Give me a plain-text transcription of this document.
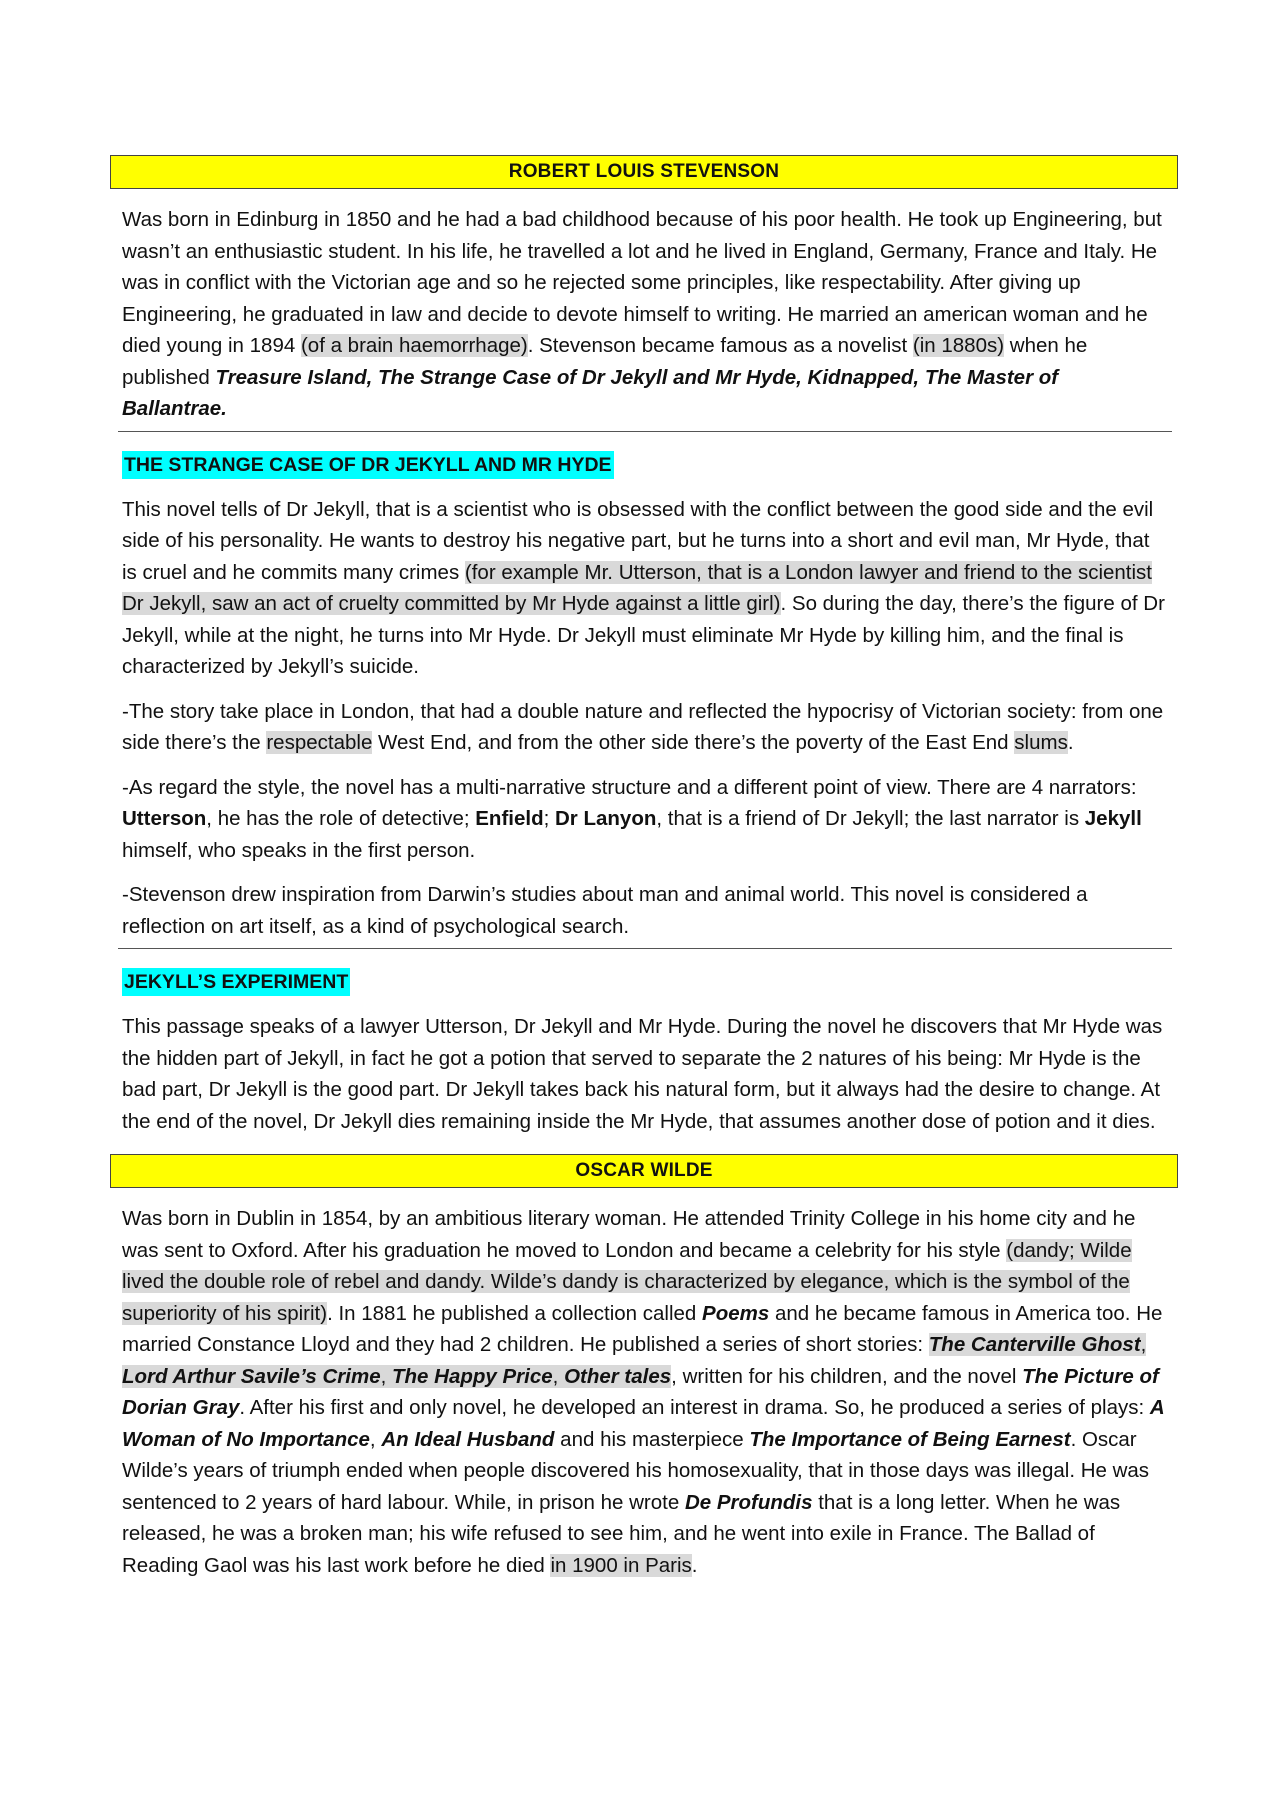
ROBERT LOUIS STEVENSON

Was born in Edinburg in 1850 and he had a bad childhood because of his poor health. He took up Engineering, but wasn’t an enthusiastic student. In his life, he travelled a lot and he lived in England, Germany, France and Italy. He was in conflict with the Victorian age and so he rejected some principles, like respectability. After giving up Engineering, he graduated in law and decide to devote himself to writing. He married an american woman and he died young in 1894 (of a brain haemorrhage). Stevenson became famous as a novelist (in 1880s) when he published Treasure Island, The Strange Case of Dr Jekyll and Mr Hyde, Kidnapped, The Master of Ballantrae.

THE STRANGE CASE OF DR JEKYLL AND MR HYDE

This novel tells of Dr Jekyll, that is a scientist who is obsessed with the conflict between the good side and the evil side of his personality. He wants to destroy his negative part, but he turns into a short and evil man, Mr Hyde, that is cruel and he commits many crimes (for example Mr. Utterson, that is a London lawyer and friend to the scientist Dr Jekyll, saw an act of cruelty committed by Mr Hyde against a little girl). So during the day, there’s the figure of Dr Jekyll, while at the night, he turns into Mr Hyde. Dr Jekyll must eliminate Mr Hyde by killing him, and the final is characterized by Jekyll’s suicide.

-The story take place in London, that had a double nature and reflected the hypocrisy of Victorian society: from one side there’s the respectable West End, and from the other side there’s the poverty of the East End slums.

-As regard the style, the novel has a multi-narrative structure and a different point of view. There are 4 narrators: Utterson, he has the role of detective; Enfield; Dr Lanyon, that is a friend of Dr Jekyll; the last narrator is Jekyll himself, who speaks in the first person.

-Stevenson drew inspiration from Darwin’s studies about man and animal world. This novel is considered a reflection on art itself, as a kind of psychological search.

JEKYLL’S EXPERIMENT

This passage speaks of a lawyer Utterson, Dr Jekyll and Mr Hyde. During the novel he discovers that Mr Hyde was the hidden part of Jekyll, in fact he got a potion that served to separate the 2 natures of his being: Mr Hyde is the bad part, Dr Jekyll is the good part. Dr Jekyll takes back his natural form, but it always had the desire to change. At the end of the novel, Dr Jekyll dies remaining inside the Mr Hyde, that assumes another dose of potion and it dies.

OSCAR WILDE

Was born in Dublin in 1854, by an ambitious literary woman. He attended Trinity College in his home city and he was sent to Oxford. After his graduation he moved to London and became a celebrity for his style (dandy; Wilde lived the double role of rebel and dandy. Wilde’s dandy is characterized by elegance, which is the symbol of the superiority of his spirit). In 1881 he published a collection called Poems and he became famous in America too. He married Constance Lloyd and they had 2 children. He published a series of short stories: The Canterville Ghost, Lord Arthur Savile’s Crime, The Happy Price, Other tales, written for his children, and the novel The Picture of Dorian Gray. After his first and only novel, he developed an interest in drama. So, he produced a series of plays: A Woman of No Importance, An Ideal Husband and his masterpiece The Importance of Being Earnest. Oscar Wilde’s years of triumph ended when people discovered his homosexuality, that in those days was illegal. He was sentenced to 2 years of hard labour. While, in prison he wrote De Profundis that is a long letter. When he was released, he was a broken man; his wife refused to see him, and he went into exile in France. The Ballad of Reading Gaol was his last work before he died in 1900 in Paris.
